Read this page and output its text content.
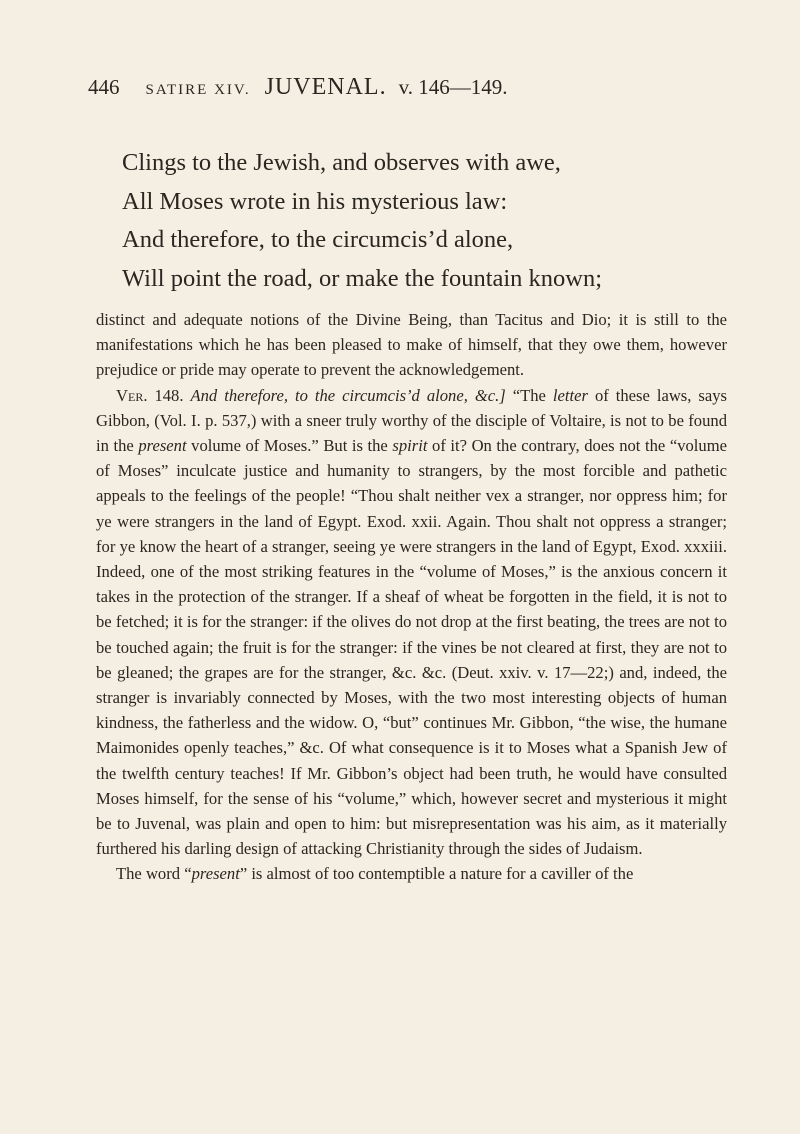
446 SATIRE XIV. JUVENAL. v. 146—149.
Clings to the Jewish, and observes with awe,
All Moses wrote in his mysterious law:
And therefore, to the circumcis’d alone,
Will point the road, or make the fountain known;

distinct and adequate notions of the Divine Being, than Tacitus and Dio; it is still to the manifestations which he has been pleased to make of himself, that they owe them, however prejudice or pride may operate to prevent the acknowledgement.

Ver. 148. And therefore, to the circumcis’d alone, &c.] “The letter of these laws, says Gibbon, (Vol. I. p. 537,) with a sneer truly worthy of the disciple of Voltaire, is not to be found in the present volume of Moses.” But is the spirit of it? On the contrary, does not the “volume of Moses” inculcate justice and humanity to strangers, by the most forcible and pathetic appeals to the feelings of the people! “Thou shalt neither vex a stranger, nor oppress him; for ye were strangers in the land of Egypt. Exod. xxii. Again. Thou shalt not oppress a stranger; for ye know the heart of a stranger, seeing ye were strangers in the land of Egypt, Exod. xxxiii. Indeed, one of the most striking features in the “volume of Moses,” is the anxious concern it takes in the protection of the stranger. If a sheaf of wheat be forgotten in the field, it is not to be fetched; it is for the stranger: if the olives do not drop at the first beating, the trees are not to be touched again; the fruit is for the stranger: if the vines be not cleared at first, they are not to be gleaned; the grapes are for the stranger, &c. &c. (Deut. xxiv. v. 17—22;) and, indeed, the stranger is invariably connected by Moses, with the two most interesting objects of human kindness, the fatherless and the widow. O, “but” continues Mr. Gibbon, “the wise, the humane Maimonides openly teaches,” &c. Of what consequence is it to Moses what a Spanish Jew of the twelfth century teaches! If Mr. Gibbon’s object had been truth, he would have consulted Moses himself, for the sense of his “volume,” which, however secret and mysterious it might be to Juvenal, was plain and open to him: but misrepresentation was his aim, as it materially furthered his darling design of attacking Christianity through the sides of Judaism.

The word “present” is almost of too contemptible a nature for a caviller of the
